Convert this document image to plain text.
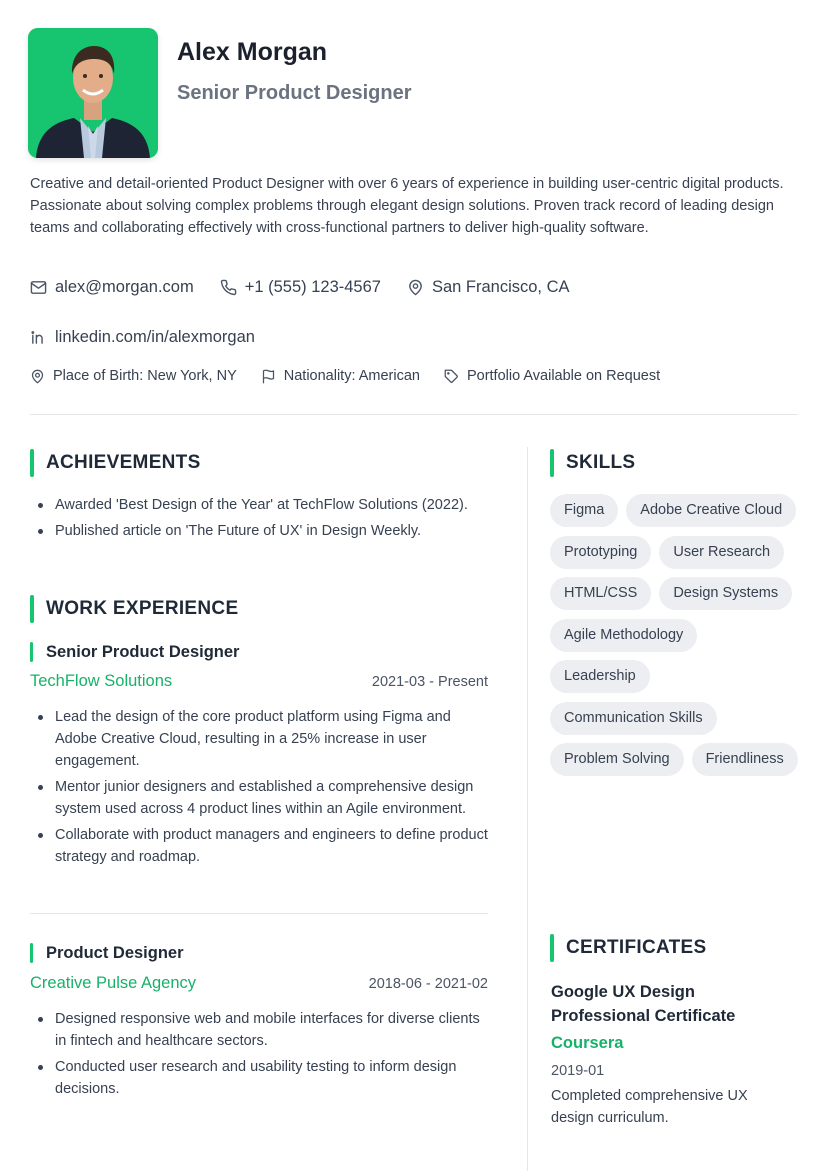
Alex Morgan
Senior Product Designer

Creative and detail-oriented Product Designer with over 6 years of experience in building user-centric digital products. Passionate about solving complex problems through elegant design solutions. Proven track record of leading design teams and collaborating effectively with cross-functional partners to deliver high-quality software.

alex@morgan.com	+1 (555) 123-4567	San Francisco, CA
linkedin.com/in/alexmorgan
Place of Birth: New York, NY	Nationality: American	Portfolio Available on Request
ACHIEVEMENTS
Awarded 'Best Design of the Year' at TechFlow Solutions (2022).
Published article on 'The Future of UX' in Design Weekly.
WORK EXPERIENCE
Senior Product Designer
TechFlow Solutions	2021-03 - Present
Lead the design of the core product platform using Figma and Adobe Creative Cloud, resulting in a 25% increase in user engagement.
Mentor junior designers and established a comprehensive design system used across 4 product lines within an Agile environment.
Collaborate with product managers and engineers to define product strategy and roadmap.
Product Designer
Creative Pulse Agency	2018-06 - 2021-02
Designed responsive web and mobile interfaces for diverse clients in fintech and healthcare sectors.
Conducted user research and usability testing to inform design decisions.
SKILLS
Figma	Adobe Creative Cloud
Prototyping	User Research
HTML/CSS	Design Systems
Agile Methodology
Leadership
Communication Skills
Problem Solving	Friendliness
CERTIFICATES

Google UX Design Professional Certificate

Coursera
2019-01

Completed comprehensive UX design curriculum.
